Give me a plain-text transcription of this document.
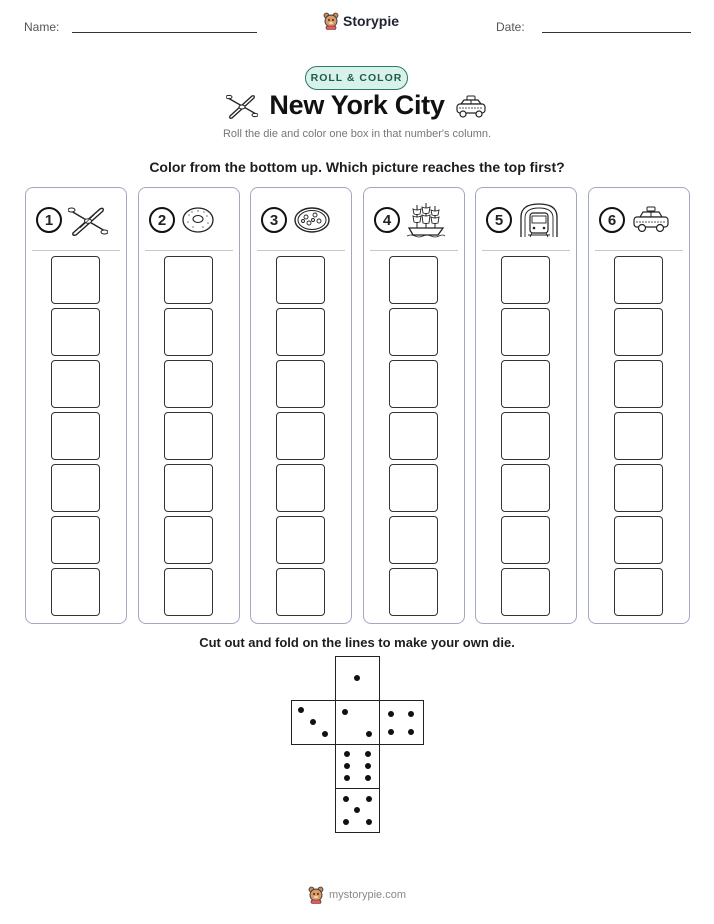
Name:	Storypie	Date:
ROLL & COLOR
New York City
Roll the die and color one box in that number's column.
Color from the bottom up. Which picture reaches the top first?
1	2	3	4	5	6
Cut out and fold on the lines to make your own die.
mystorypie.com
